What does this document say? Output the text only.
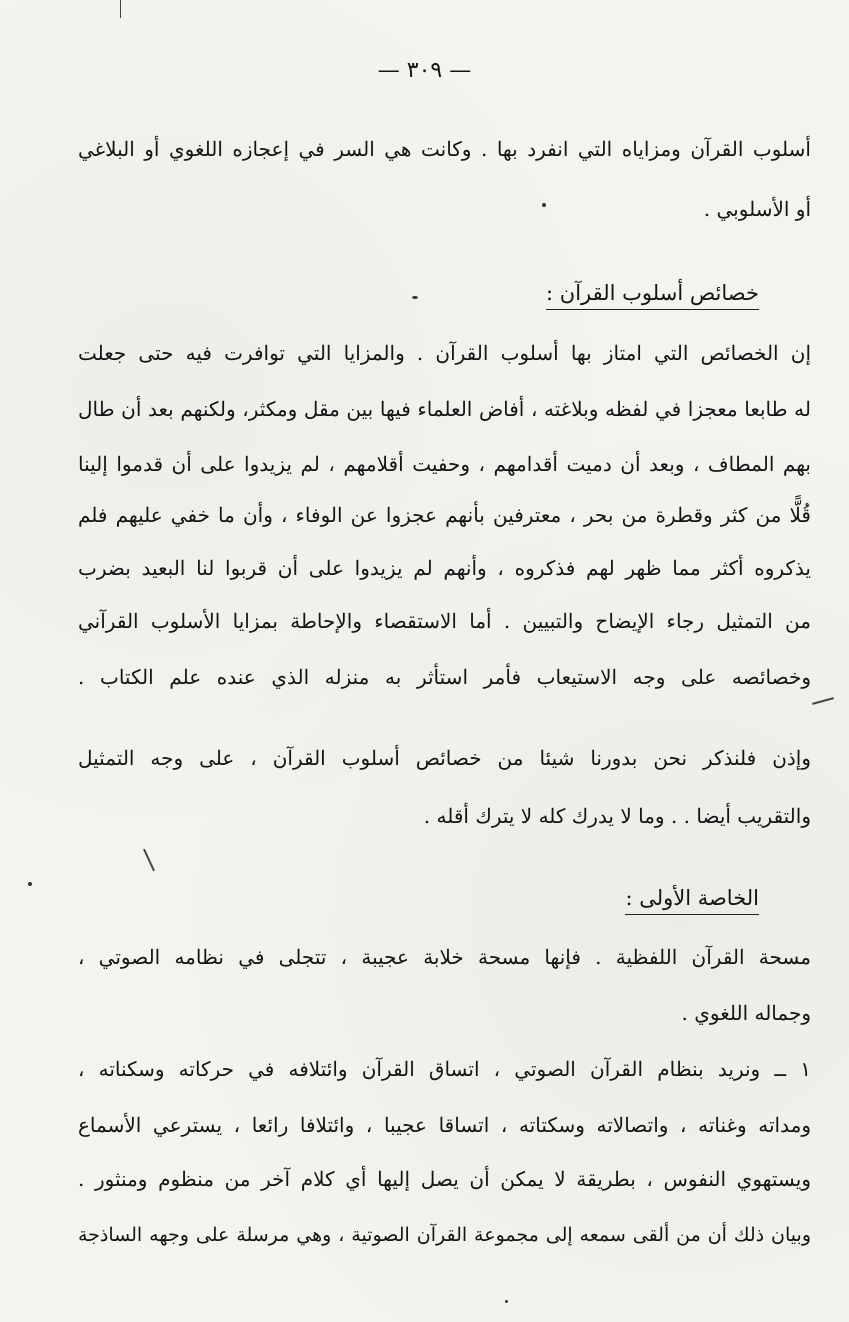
— ٣٠٩ —
أسلوب القرآن ومزاياه التي انفرد بها . وكانت هي السر في إعجازه اللغوي أو البلاغي
أو الأسلوبي .
خصائص أسلوب القرآن :
إن الخصائص التي امتاز بها أسلوب القرآن . والمزايا التي توافرت فيه حتى جعلت
له طابعا معجزا في لفظه وبلاغته ، أفاض العلماء فيها بين مقل ومكثر، ولكنهم بعد أن طال
بهم المطاف ، وبعد أن دميت أقدامهم ، وحفيت أقلامهم ، لم يزيدوا على أن قدموا إلينا
قُلًّا من كثر وقطرة من بحر ، معترفين بأنهم عجزوا عن الوفاء ، وأن ما خفي عليهم فلم
يذكروه أكثر مما ظهر لهم فذكروه ، وأنهم لم يزيدوا على أن قربوا لنا البعيد بضرب
من التمثيل رجاء الإيضاح والتبيين . أما الاستقصاء والإحاطة بمزايا الأسلوب القرآني
وخصائصه على وجه الاستيعاب فأمر استأثر به منزله الذي عنده علم الكتاب .
وإذن فلنذكر نحن بدورنا شيئا من خصائص أسلوب القرآن ، على وجه التمثيل
والتقريب أيضا . . وما لا يدرك كله لا يترك أقله .
الخاصة الأولى :
مسحة القرآن اللفظية . فإنها مسحة خلابة عجيبة ، تتجلى في نظامه الصوتي ،
وجماله اللغوي .
١ ــ ونريد بنظام القرآن الصوتي ، اتساق القرآن وائتلافه في حركاته وسكناته ،
ومداته وغناته ، واتصالاته وسكتاته ، اتساقا عجيبا ، وائتلافا رائعا ، يسترعي الأسماع
ويستهوي النفوس ، بطريقة لا يمكن أن يصل إليها أي كلام آخر من منظوم ومنثور .
وبيان ذلك أن من ألقى سمعه إلى مجموعة القرآن الصوتية ، وهي مرسلة على وجهه الساذجة
